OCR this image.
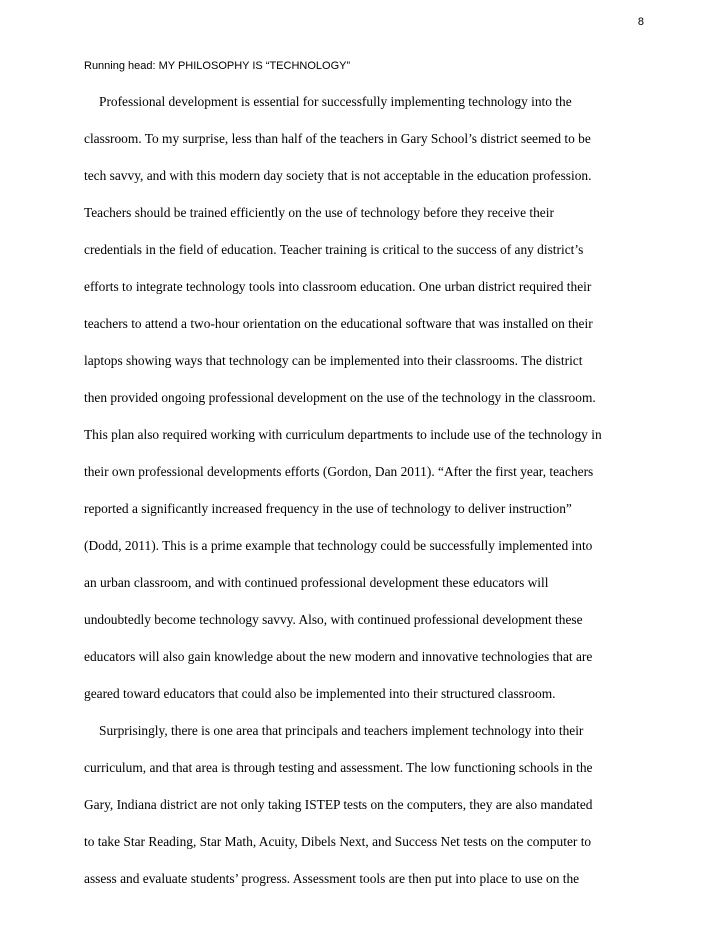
8
Running head: MY PHILOSOPHY IS “TECHNOLOGY”
Professional development is essential for successfully implementing technology into the
classroom. To my surprise, less than half of the teachers in Gary School’s district seemed to be
tech savvy, and with this modern day society that is not acceptable in the education profession.
Teachers should be trained efficiently on the use of technology before they receive their
credentials in the field of education. Teacher training is critical to the success of any district’s
efforts to integrate technology tools into classroom education. One urban district required their
teachers to attend a two-hour orientation on the educational software that was installed on their
laptops showing ways that technology can be implemented into their classrooms. The district
then provided ongoing professional development on the use of the technology in the classroom.
This plan also required working with curriculum departments to include use of the technology in
their own professional developments efforts (Gordon, Dan 2011). “After the first year, teachers
reported a significantly increased frequency in the use of technology to deliver instruction”
(Dodd, 2011). This is a prime example that technology could be successfully implemented into
an urban classroom, and with continued professional development these educators will
undoubtedly become technology savvy. Also, with continued professional development these
educators will also gain knowledge about the new modern and innovative technologies that are
geared toward educators that could also be implemented into their structured classroom.
Surprisingly, there is one area that principals and teachers implement technology into their
curriculum, and that area is through testing and assessment. The low functioning schools in the
Gary, Indiana district are not only taking ISTEP tests on the computers, they are also mandated
to take Star Reading, Star Math, Acuity, Dibels Next, and Success Net tests on the computer to
assess and evaluate students’ progress. Assessment tools are then put into place to use on the
